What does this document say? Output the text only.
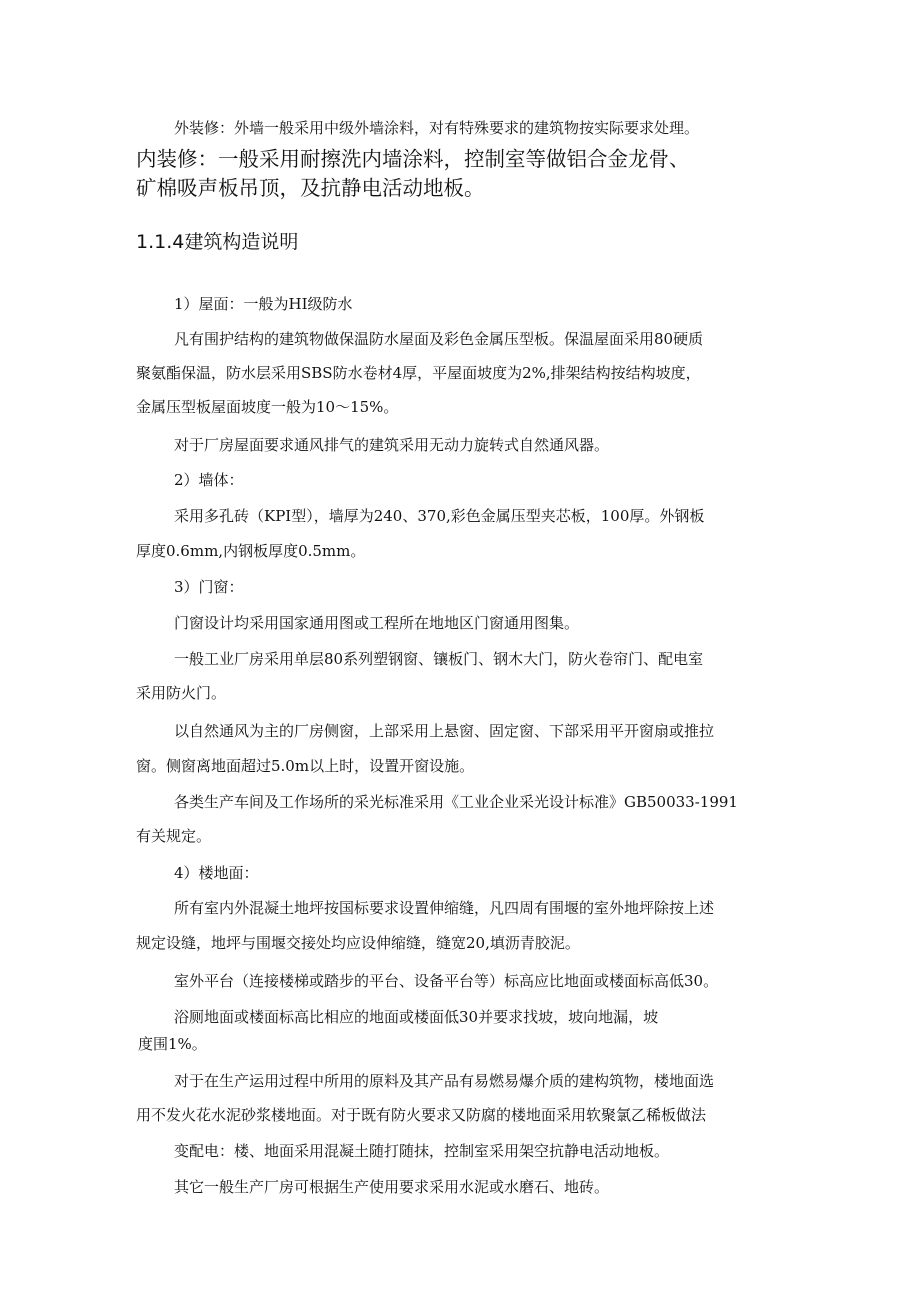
外装修：外墙一般采用中级外墙涂料，对有特殊要求的建筑物按实际要求处理。
内装修：一般采用耐擦洗内墙涂料，控制室等做铝合金龙骨、
矿棉吸声板吊顶，及抗静电活动地板。
1.1.4建筑构造说明
1）屋面：一般为HI级防水
凡有围护结构的建筑物做保温防水屋面及彩色金属压型板。保温屋面采用80硬质
聚氨酯保温，防水层采用SBS防水卷材4厚，平屋面坡度为2%,排架结构按结构坡度，
金属压型板屋面坡度一般为10～15%。
对于厂房屋面要求通风排气的建筑采用无动力旋转式自然通风器。
2）墙体：
采用多孔砖（KPI型），墙厚为240、370,彩色金属压型夹芯板，100厚。外钢板
厚度0.6mm,内钢板厚度0.5mm。
3）门窗：
门窗设计均采用国家通用图或工程所在地地区门窗通用图集。
一般工业厂房采用单层80系列塑钢窗、镶板门、钢木大门，防火卷帘门、配电室
采用防火门。
以自然通风为主的厂房侧窗，上部采用上悬窗、固定窗、下部采用平开窗扇或推拉
窗。侧窗离地面超过5.0m以上时，设置开窗设施。
各类生产车间及工作场所的采光标准采用《工业企业采光设计标准》GB50033-1991
有关规定。
4）楼地面：
所有室内外混凝土地坪按国标要求设置伸缩缝，凡四周有围堰的室外地坪除按上述
规定设缝，地坪与围堰交接处均应设伸缩缝，缝宽20,填沥青胶泥。
室外平台（连接楼梯或踏步的平台、设备平台等）标高应比地面或楼面标高低30。
浴厕地面或楼面标高比相应的地面或楼面低30并要求找坡，坡向地漏，坡
度围1%。
对于在生产运用过程中所用的原料及其产品有易燃易爆介质的建构筑物，楼地面选
用不发火花水泥砂浆楼地面。对于既有防火要求又防腐的楼地面采用软聚氯乙稀板做法
变配电：楼、地面采用混凝土随打随抹，控制室采用架空抗静电活动地板。
其它一般生产厂房可根据生产使用要求采用水泥或水磨石、地砖。
